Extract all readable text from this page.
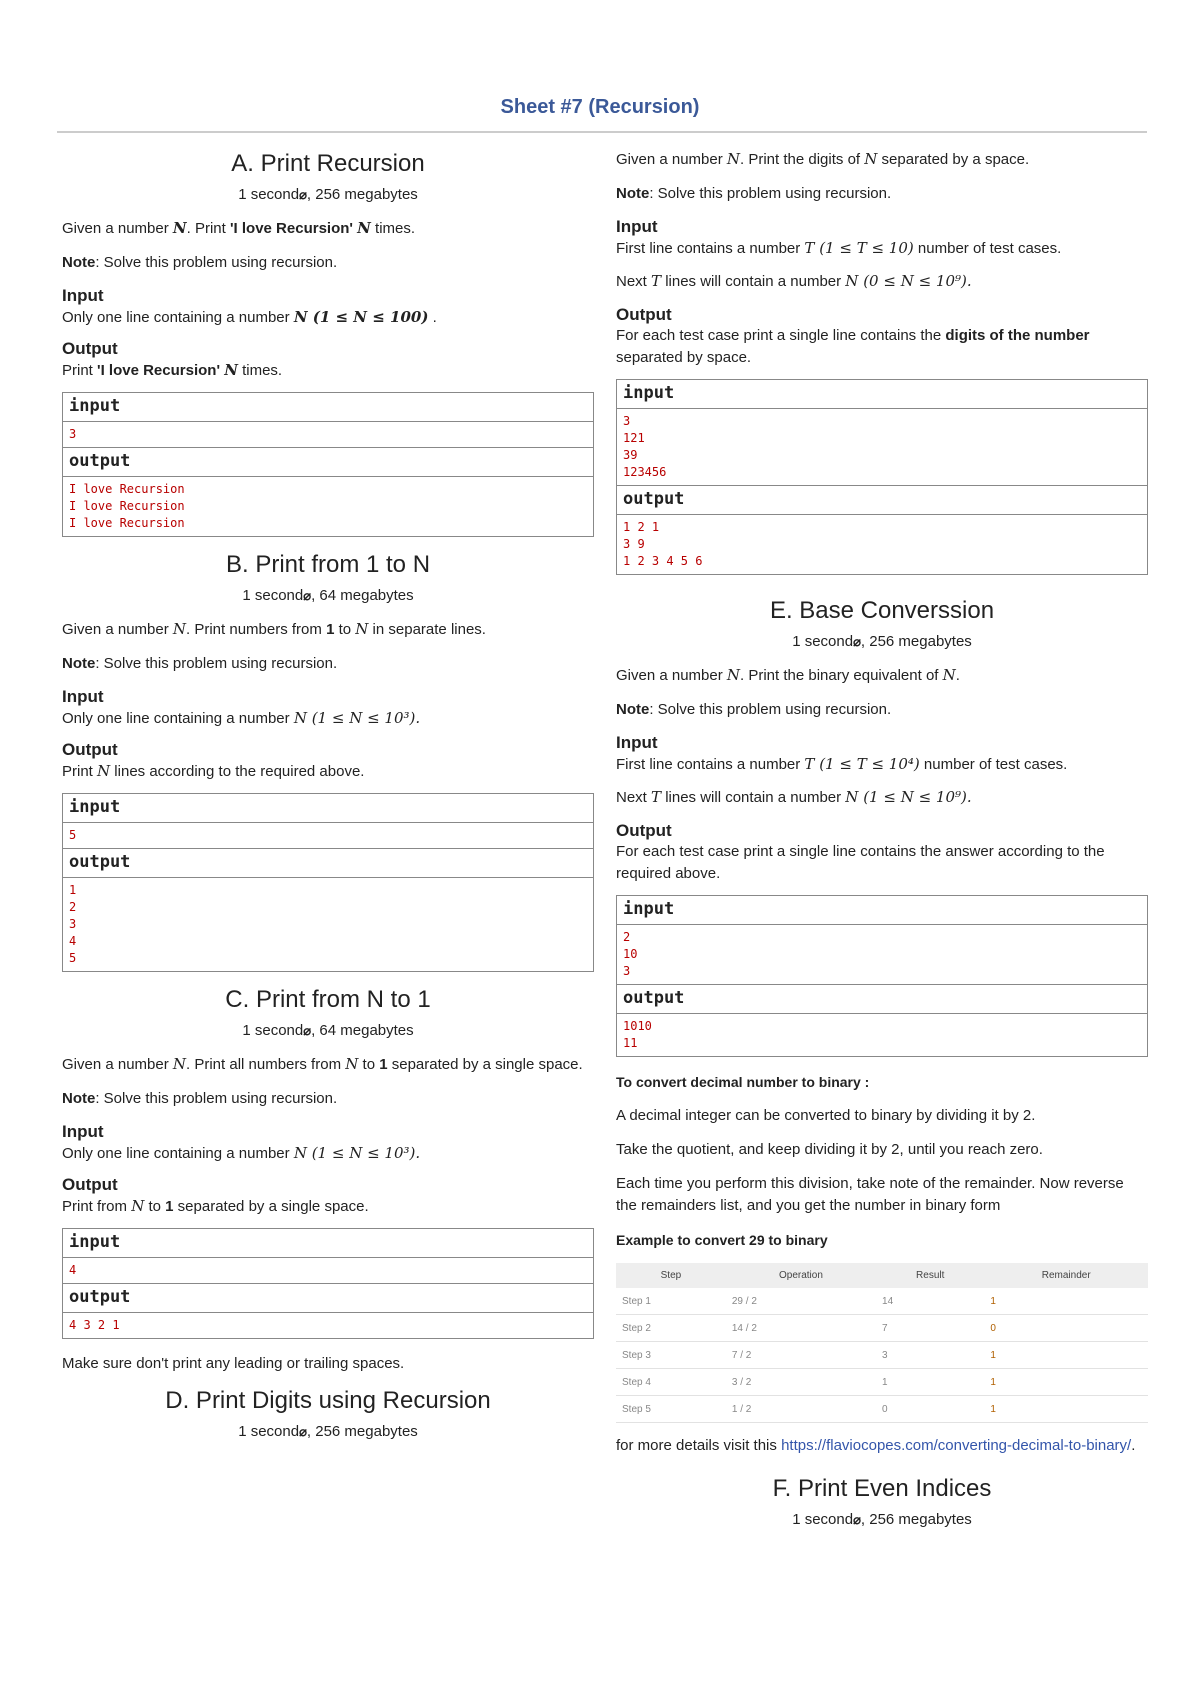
Sheet #7 (Recursion)
A. Print Recursion
1 second⌀, 256 megabytes

Given a number N. Print 'I love Recursion' N times.

Note: Solve this problem using recursion.

Input

Only one line containing a number N (1 ≤ N ≤ 100) .

Output

Print 'I love Recursion' N times.

input
3
output
I love Recursion
I love Recursion
I love Recursion
B. Print from 1 to N
1 second⌀, 64 megabytes

Given a number N. Print numbers from 1 to N in separate lines.

Note: Solve this problem using recursion.

Input

Only one line containing a number N (1 ≤ N ≤ 10³).

Output

Print N lines according to the required above.

input
5
output
1
2
3
4
5
C. Print from N to 1
1 second⌀, 64 megabytes

Given a number N. Print all numbers from N to 1 separated by a single space.

Note: Solve this problem using recursion.

Input

Only one line containing a number N (1 ≤ N ≤ 10³).

Output

Print from N to 1 separated by a single space.

input
4
output
4 3 2 1

Make sure don't print any leading or trailing spaces.

D. Print Digits using Recursion
1 second⌀, 256 megabytes

Given a number N. Print the digits of N separated by a space.

Note: Solve this problem using recursion.

Input

First line contains a number T (1 ≤ T ≤ 10) number of test cases.

Next T lines will contain a number N (0 ≤ N ≤ 10⁹).

Output

For each test case print a single line contains the digits of the number separated by space.

input
3
121
39
123456
output
1 2 1
3 9
1 2 3 4 5 6
E. Base Converssion
1 second⌀, 256 megabytes

Given a number N. Print the binary equivalent of N.

Note: Solve this problem using recursion.

Input

First line contains a number T (1 ≤ T ≤ 10⁴) number of test cases.

Next T lines will contain a number N (1 ≤ N ≤ 10⁹).

Output

For each test case print a single line contains the answer according to the required above.

input
2
10
3
output
1010
11

To convert decimal number to binary :

A decimal integer can be converted to binary by dividing it by 2.

Take the quotient, and keep dividing it by 2, until you reach zero.

Each time you perform this division, take note of the remainder. Now reverse the remainders list, and you get the number in binary form

Example to convert 29 to binary

Step	Operation	Result	Remainder
Step 1	29 / 2	14	1
Step 2	14 / 2	7	0
Step 3	7 / 2	3	1
Step 4	3 / 2	1	1
Step 5	1 / 2	0	1

for more details visit this https://flaviocopes.com/converting-decimal-to-binary/.

F. Print Even Indices
1 second⌀, 256 megabytes
